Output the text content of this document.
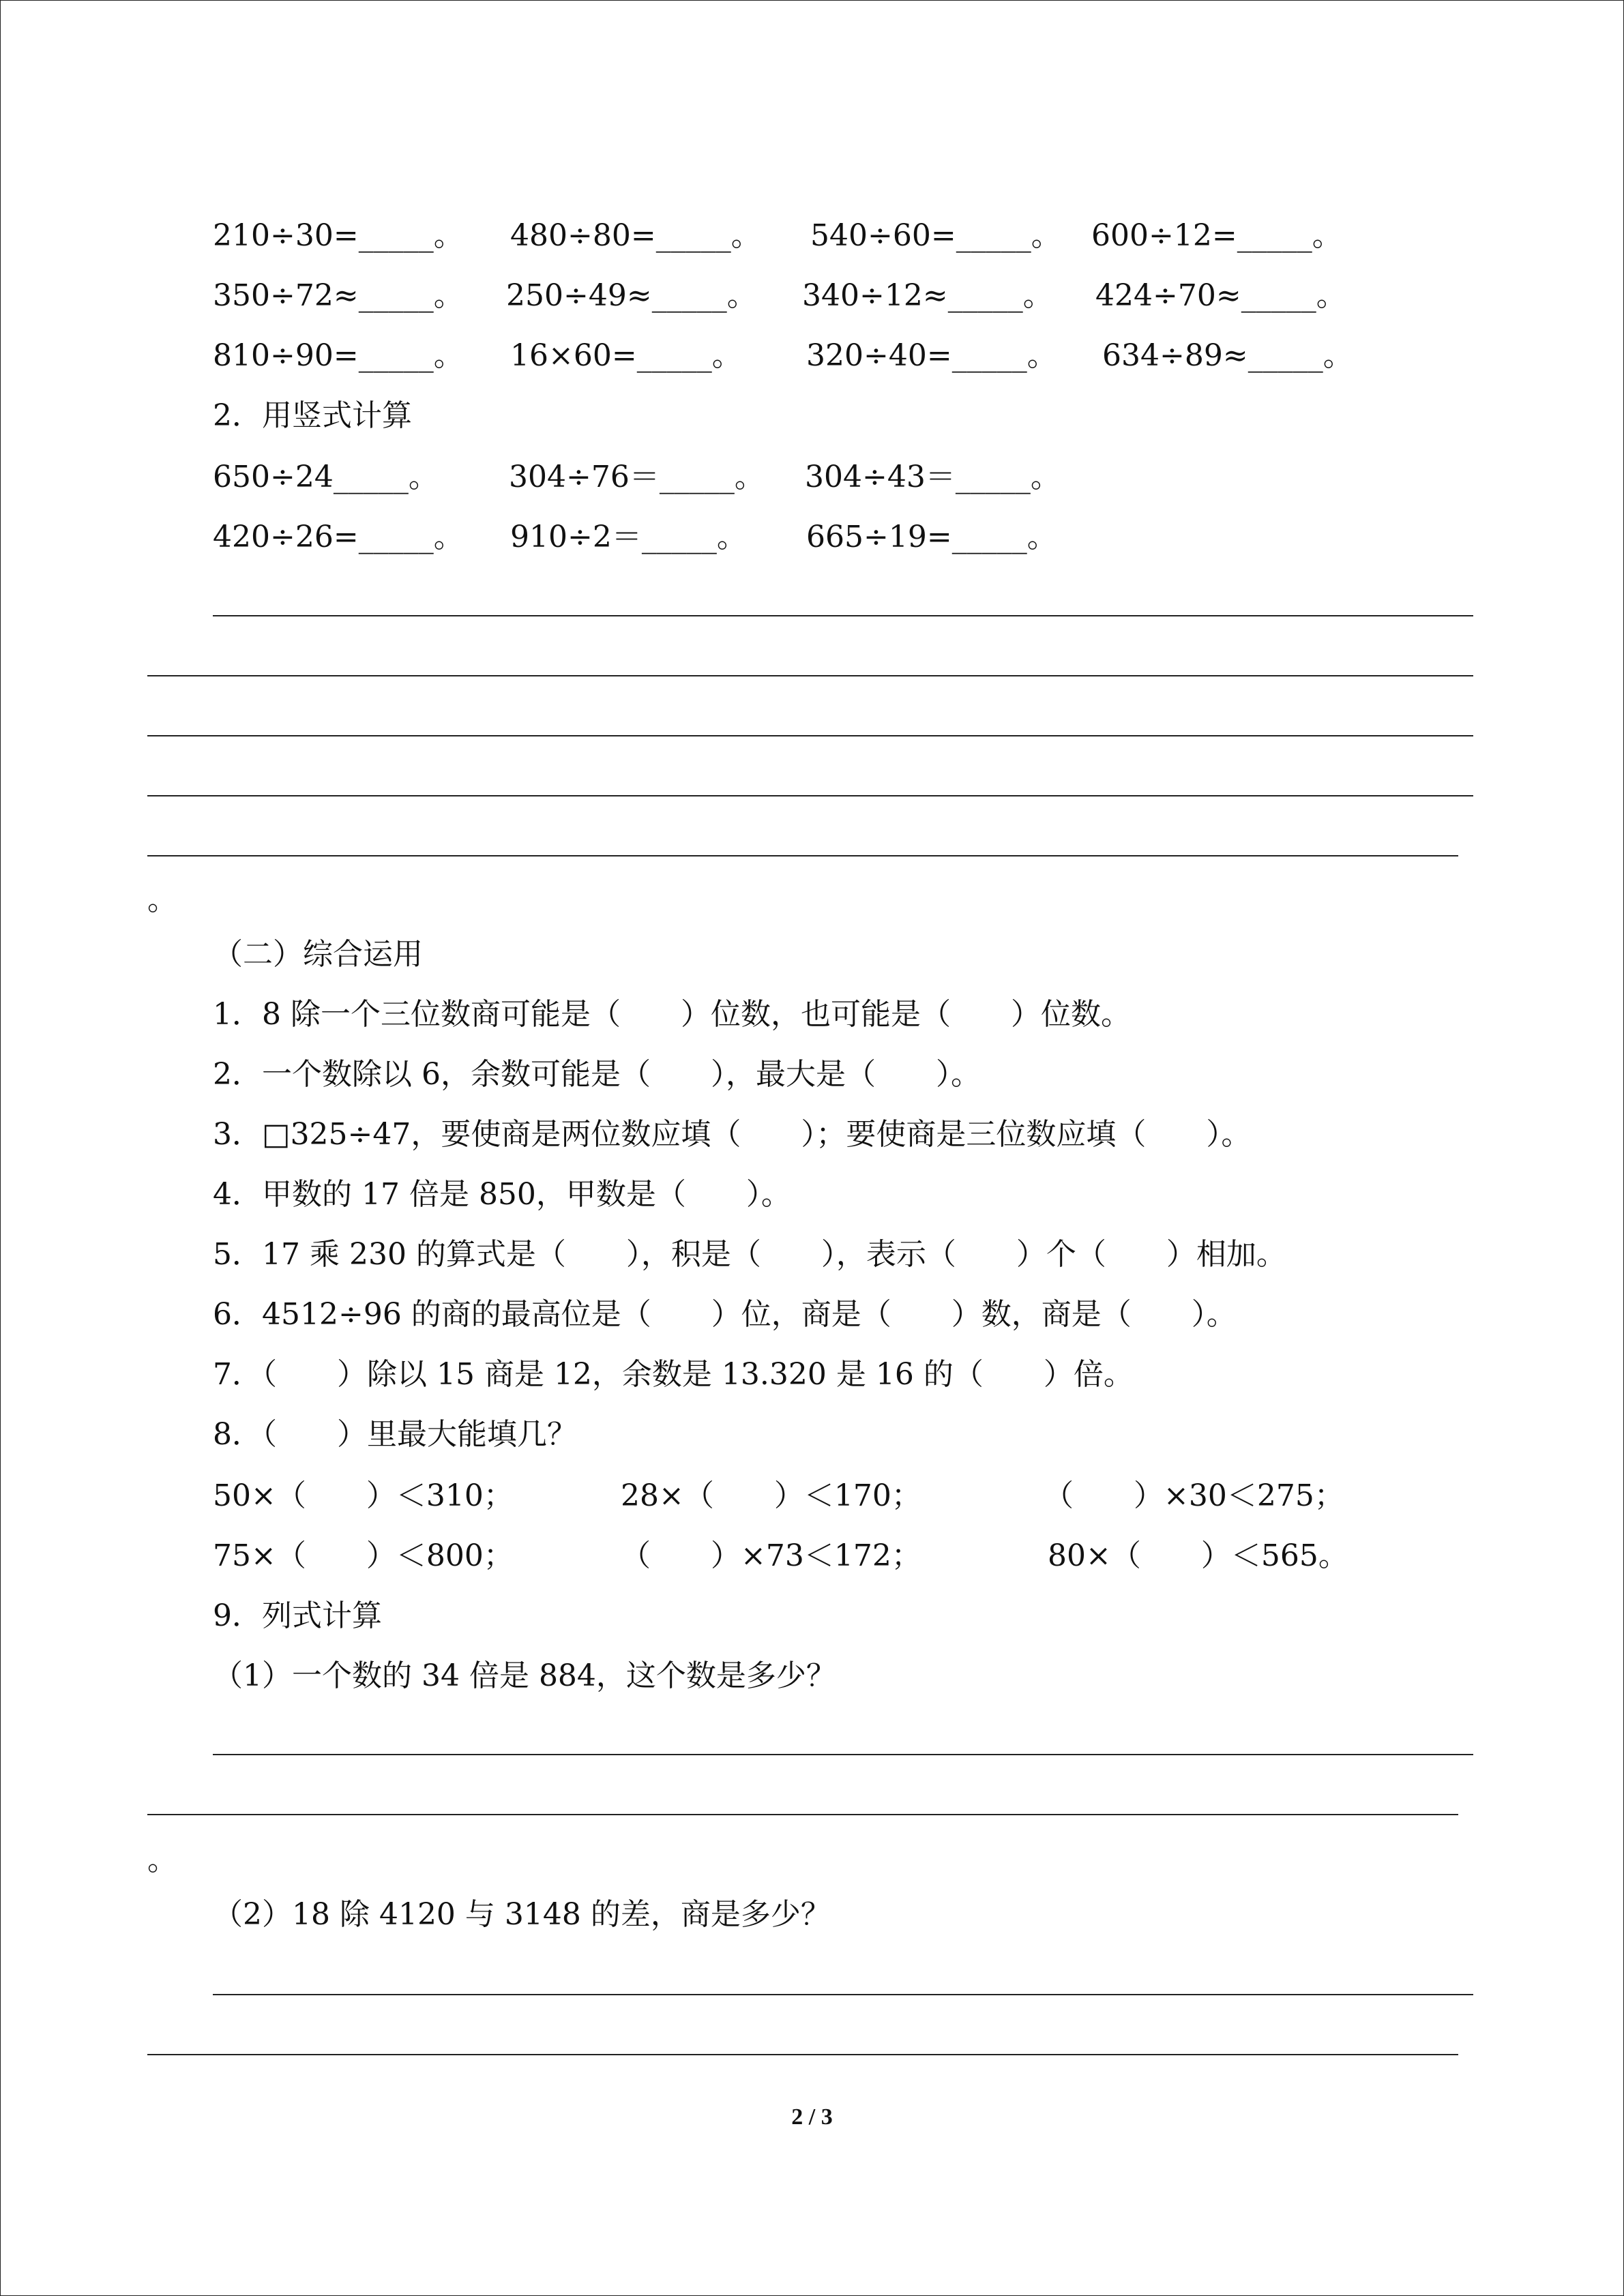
210÷30=_____。 480÷80=_____。 540÷60=_____。 600÷12=_____。
350÷72≈_____。 250÷49≈_____。 340÷12≈_____。 424÷70≈_____。
810÷90=_____。 16×60=_____。 320÷40=_____。 634÷89≈_____。
2．用竖式计算
650÷24_____。 304÷76＝_____。 304÷43＝_____。
420÷26=_____。 910÷2＝_____。 665÷19=_____。
。
（二）综合运用
1．8 除一个三位数商可能是（　　）位数，也可能是（　　）位数。
2．一个数除以 6，余数可能是（　　），最大是（　　）。
3．□325÷47，要使商是两位数应填（　　）；要使商是三位数应填（　　）。
4．甲数的 17 倍是 850，甲数是（　　）。
5．17 乘 230 的算式是（　　），积是（　　），表示（　　）个（　　）相加。
6．4512÷96 的商的最高位是（　　）位，商是（　　）数，商是（　　）。
7．（　　）除以 15 商是 12，余数是 13.320 是 16 的（　　）倍。
8．（　　）里最大能填几？
50×（　　）＜310；	28×（　　）＜170；	（　　）×30＜275；
75×（　　）＜800；	（　　）×73＜172；	80×（　　）＜565。
9．列式计算
（1）一个数的 34 倍是 884，这个数是多少？
。
（2）18 除 4120 与 3148 的差，商是多少？
2 / 3
